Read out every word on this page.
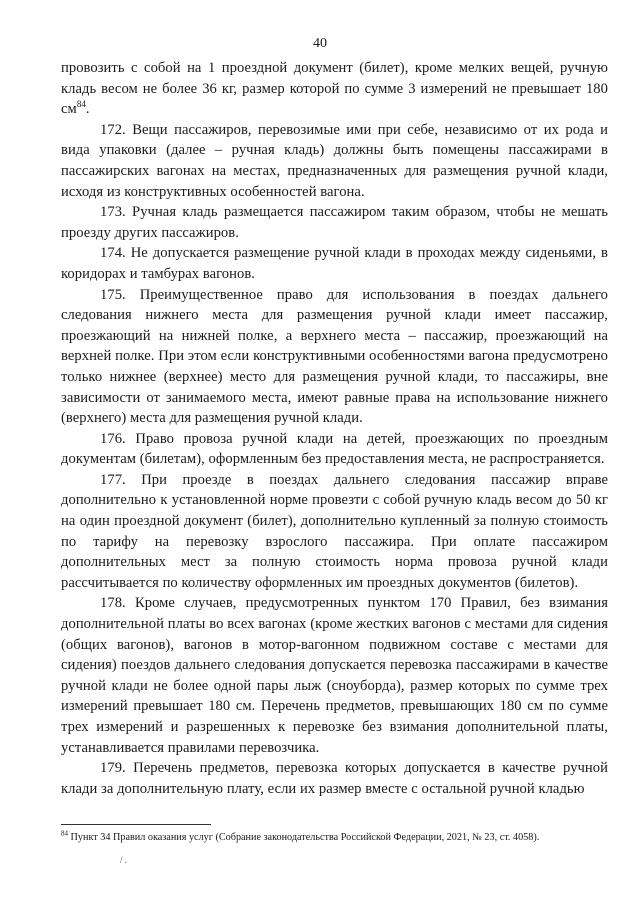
40

провозить с собой на 1 проездной документ (билет), кроме мелких вещей, ручную кладь весом не более 36 кг, размер которой по сумме 3 измерений не превышает 180 $см^{84}$.

172. Вещи пассажиров, перевозимые ими при себе, независимо от их рода и вида упаковки (далее – ручная кладь) должны быть помещены пассажирами в пассажирских вагонах на местах, предназначенных для размещения ручной клади, исходя из конструктивных особенностей вагона.

173. Ручная кладь размещается пассажиром таким образом, чтобы не мешать проезду других пассажиров.

174. Не допускается размещение ручной клади в проходах между сиденьями, в коридорах и тамбурах вагонов.

175. Преимущественное право для использования в поездах дальнего следования нижнего места для размещения ручной клади имеет пассажир, проезжающий на нижней полке, а верхнего места – пассажир, проезжающий на верхней полке. При этом если конструктивными особенностями вагона предусмотрено только нижнее (верхнее) место для размещения ручной клади, то пассажиры, вне зависимости от занимаемого места, имеют равные права на использование нижнего (верхнего) места для размещения ручной клади.

176. Право провоза ручной клади на детей, проезжающих по проездным документам (билетам), оформленным без предоставления места, не распространяется.

177. При проезде в поездах дальнего следования пассажир вправе дополнительно к установленной норме провезти с собой ручную кладь весом до 50 кг на один проездной документ (билет), дополнительно купленный за полную стоимость по тарифу на перевозку взрослого пассажира. При оплате пассажиром дополнительных мест за полную стоимость норма провоза ручной клади рассчитывается по количеству оформленных им проездных документов (билетов).

178. Кроме случаев, предусмотренных пунктом 170 Правил, без взимания дополнительной платы во всех вагонах (кроме жестких вагонов с местами для сидения (общих вагонов), вагонов в мотор-вагонном подвижном составе с местами для сидения) поездов дальнего следования допускается перевозка пассажирами в качестве ручной клади не более одной пары лыж (сноуборда), размер которых по сумме трех измерений превышает 180 см. Перечень предметов, превышающих 180 см по сумме трех измерений и разрешенных к перевозке без взимания дополнительной платы, устанавливается правилами перевозчика.

179. Перечень предметов, перевозка которых допускается в качестве ручной клади за дополнительную плату, если их размер вместе с остальной ручной кладью

$^{84}$ Пункт 34 Правил оказания услуг (Собрание законодательства Российской Федерации, 2021, № 23, ст. 4058).
/ .
